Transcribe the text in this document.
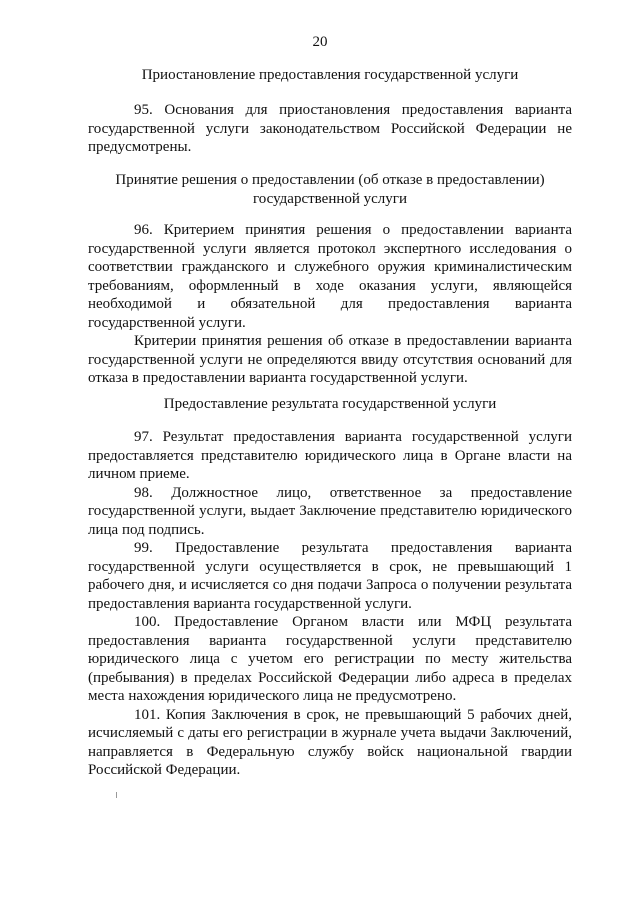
20
Приостановление предоставления государственной услуги

95. Основания для приостановления предоставления варианта государственной услуги законодательством Российской Федерации не предусмотрены.

Принятие решения о предоставлении (об отказе в предоставлении) государственной услуги

96. Критерием принятия решения о предоставлении варианта государственной услуги является протокол экспертного исследования о соответствии гражданского и служебного оружия криминалистическим требованиям, оформленный в ходе оказания услуги, являющейся необходимой и обязательной для предоставления варианта государственной услуги.

Критерии принятия решения об отказе в предоставлении варианта государственной услуги не определяются ввиду отсутствия оснований для отказа в предоставлении варианта государственной услуги.

Предоставление результата государственной услуги

97. Результат предоставления варианта государственной услуги предоставляется представителю юридического лица в Органе власти на личном приеме.

98. Должностное лицо, ответственное за предоставление государственной услуги, выдает Заключение представителю юридического лица под подпись.

99. Предоставление результата предоставления варианта государственной услуги осуществляется в срок, не превышающий 1 рабочего дня, и исчисляется со дня подачи Запроса о получении результата предоставления варианта государственной услуги.

100. Предоставление Органом власти или МФЦ результата предоставления варианта государственной услуги представителю юридического лица с учетом его регистрации по месту жительства (пребывания) в пределах Российской Федерации либо адреса в пределах места нахождения юридического лица не предусмотрено.

101. Копия Заключения в срок, не превышающий 5 рабочих дней, исчисляемый с даты его регистрации в журнале учета выдачи Заключений, направляется в Федеральную службу войск национальной гвардии Российской Федерации.
